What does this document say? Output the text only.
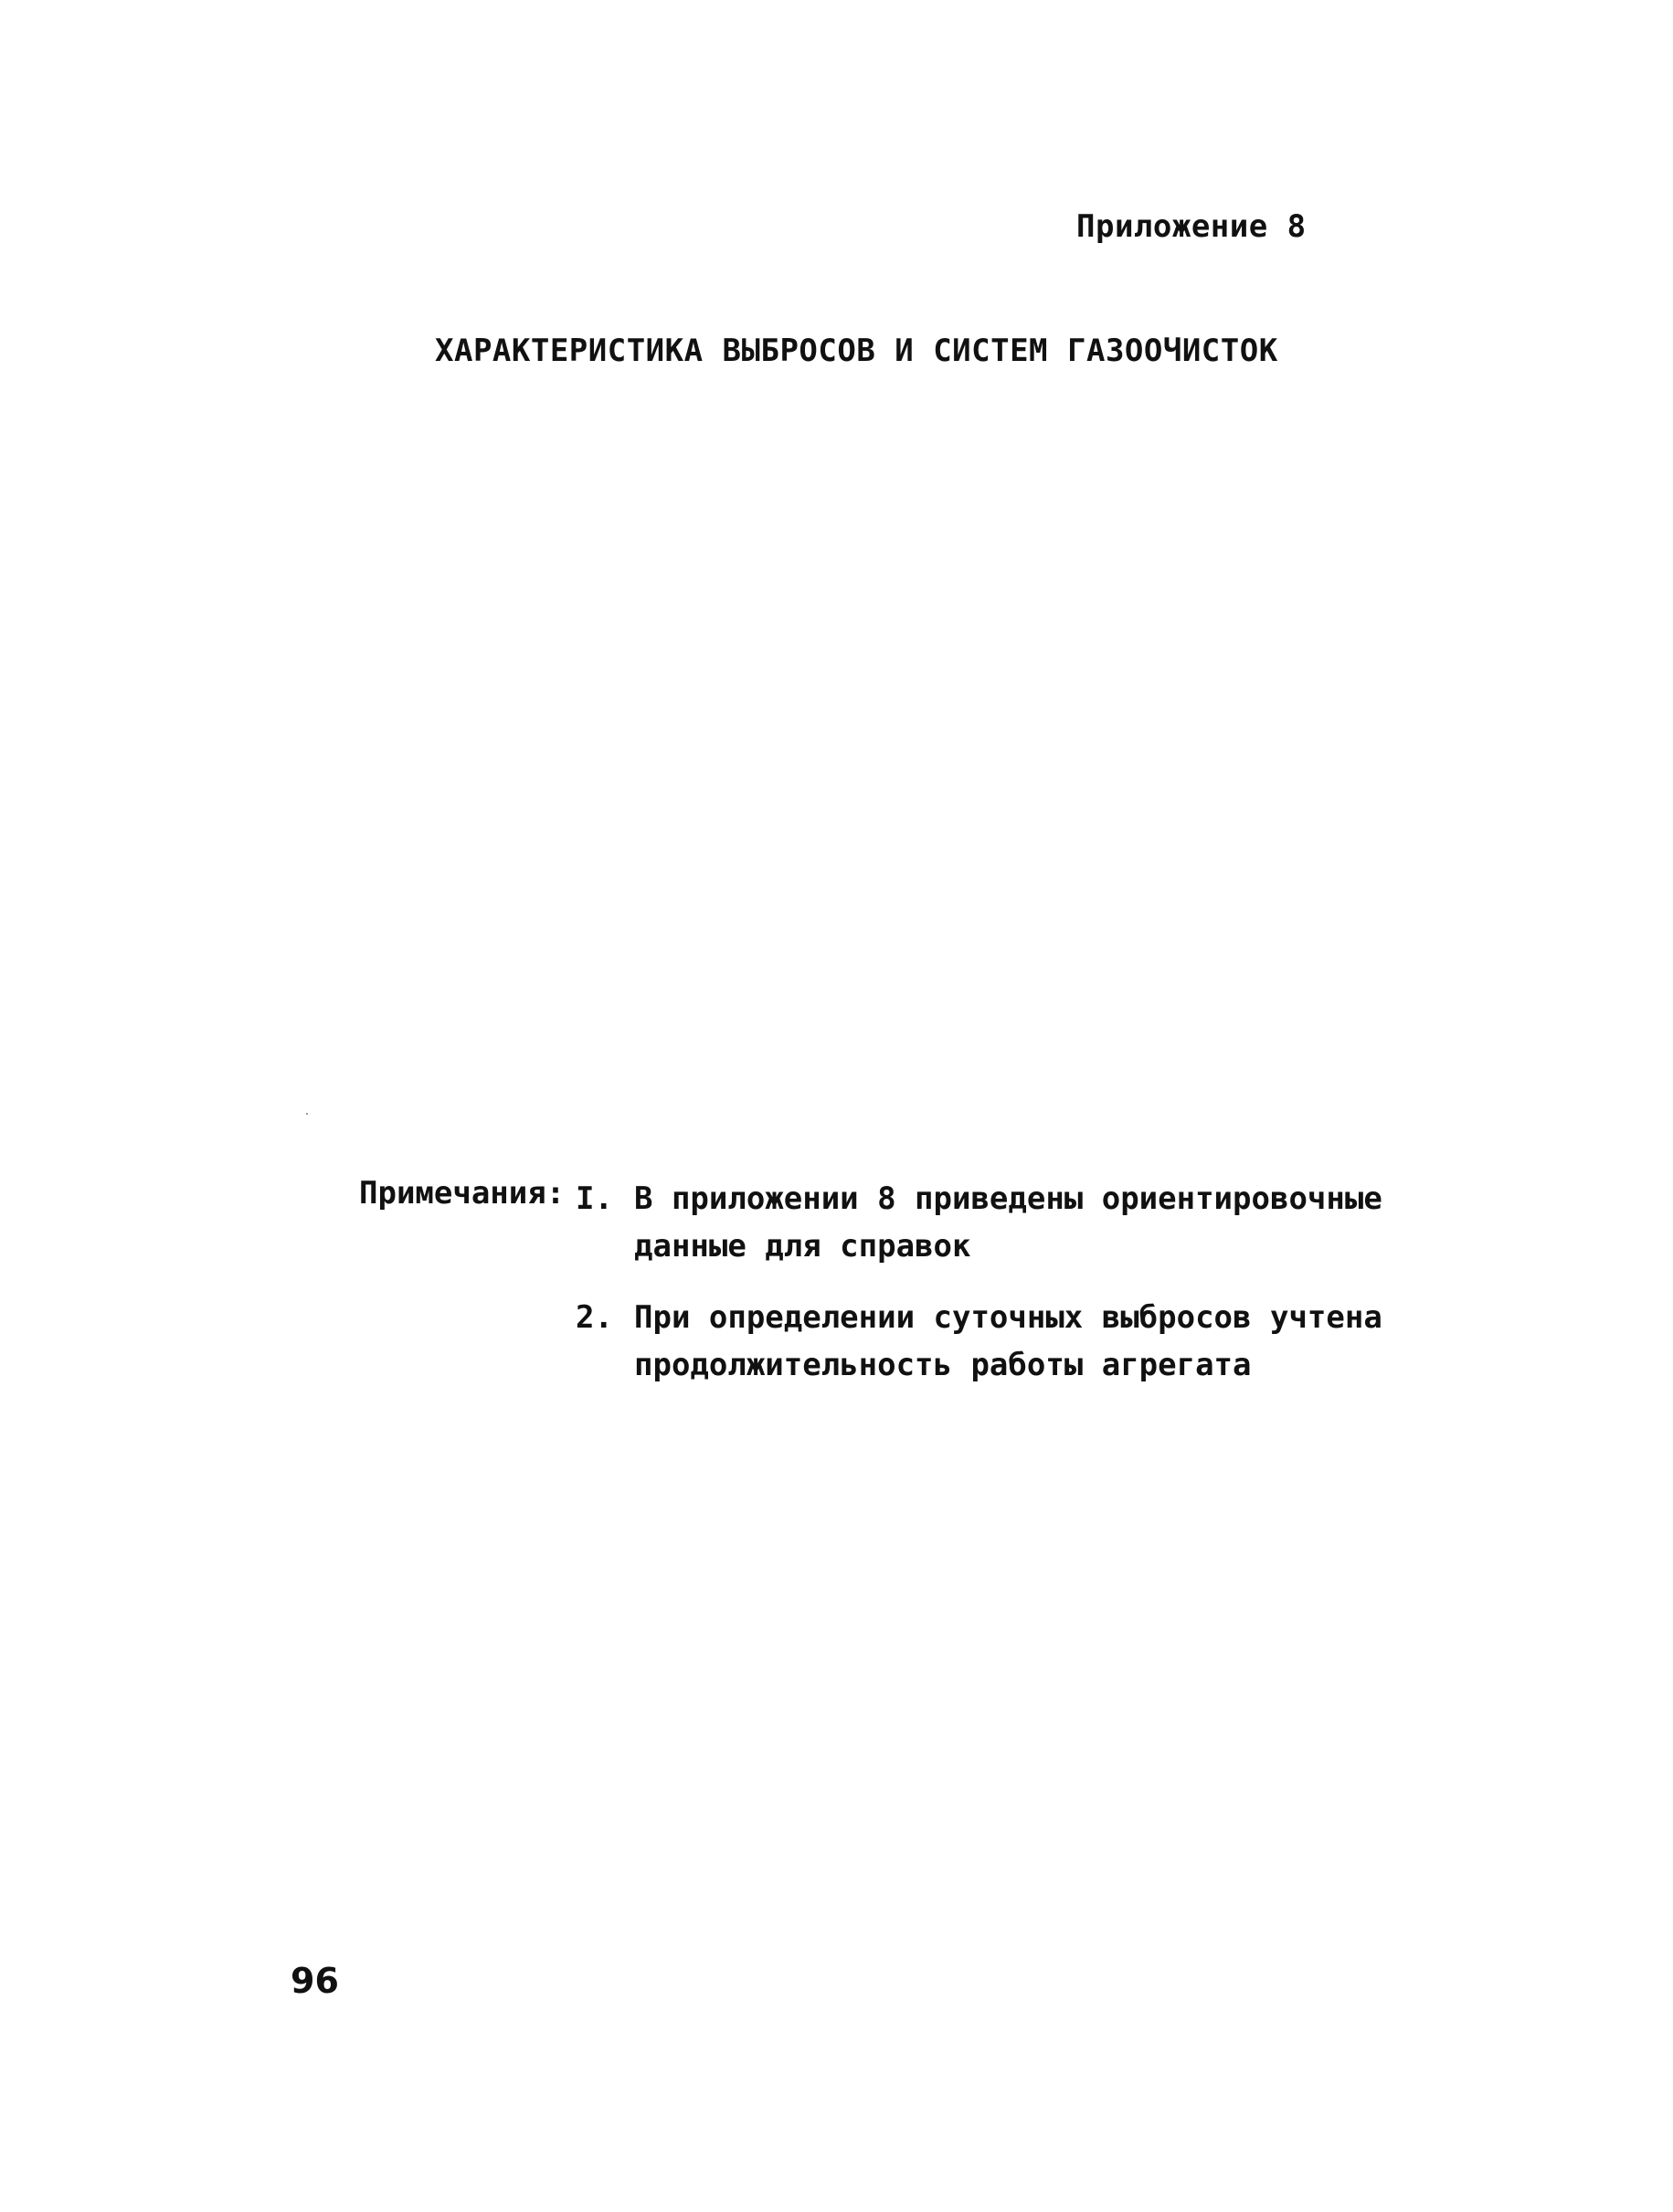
Приложение 8
ХАРАКТЕРИСТИКА ВЫБРОСОВ И СИСТЕМ ГАЗООЧИСТОК
Примечания: I. В приложении 8 приведены ориентировочные
данные для справок
2. При определении суточных выбросов учтена
продолжительность работы агрегата
96
